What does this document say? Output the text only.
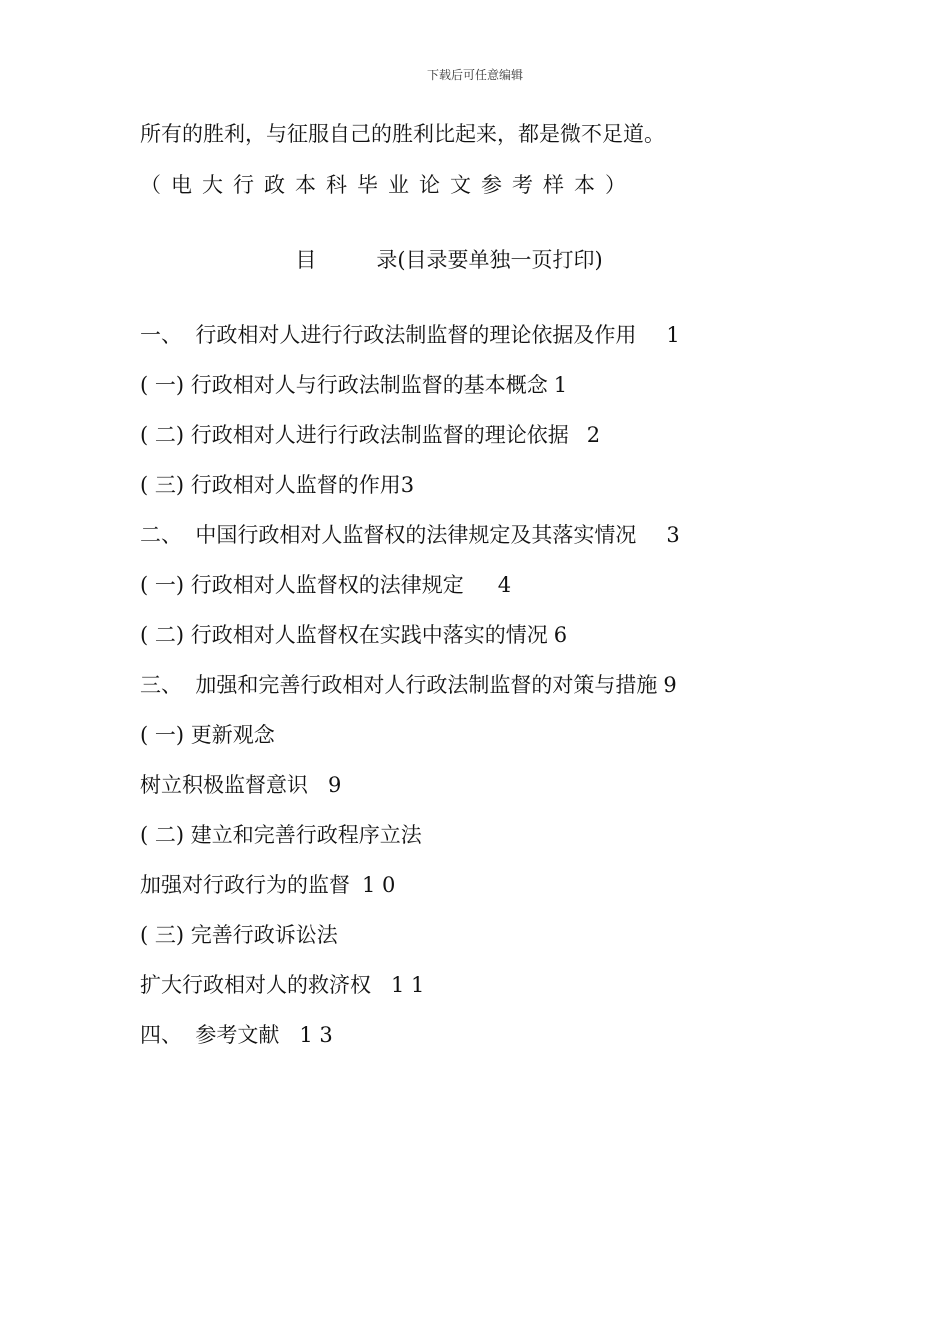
下载后可任意编辑
所有的胜利，与征服自己的胜利比起来，都是微不足道。
（电大行政本科毕业论文参考样本）

目	录(目录要单独一页打印)

一、  行政相对人进行行政法制监督的理论依据及作用 1
( 一) 行政相对人与行政法制监督的基本概念 1
( 二) 行政相对人进行行政法制监督的理论依据 2
( 三) 行政相对人监督的作用3
二、  中国行政相对人监督权的法律规定及其落实情况 3
( 一) 行政相对人监督权的法律规定 4
( 二) 行政相对人监督权在实践中落实的情况 6
三、  加强和完善行政相对人行政法制监督的对策与措施 9
( 一) 更新观念
树立积极监督意识 9
( 二) 建立和完善行政程序立法
加强对行政行为的监督 1 0
( 三) 完善行政诉讼法
扩大行政相对人的救济权 1 1
四、  参考文献 1 3
